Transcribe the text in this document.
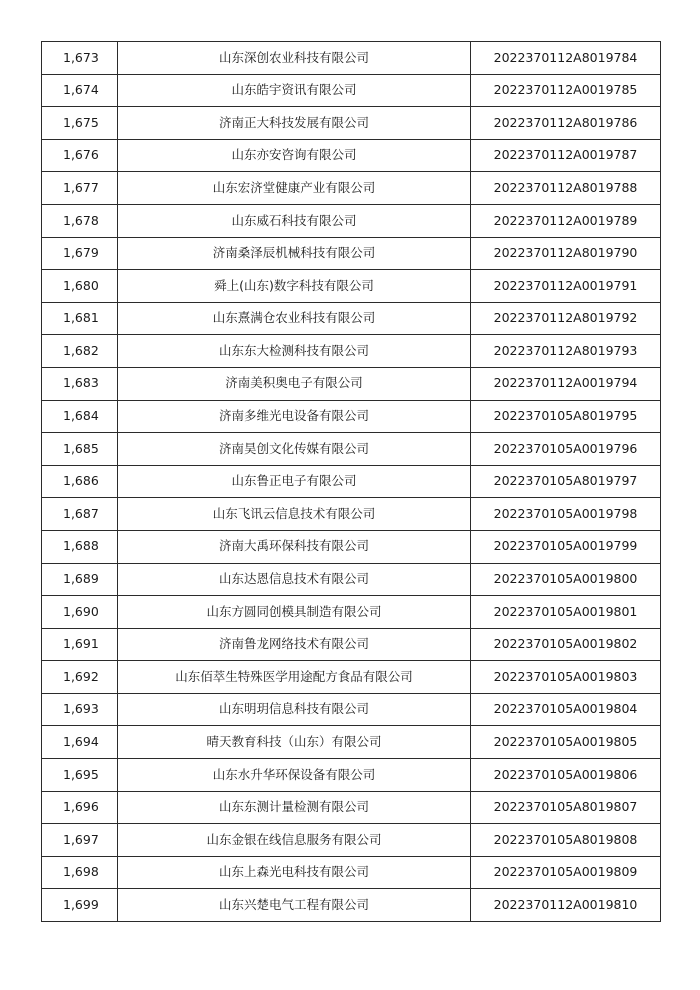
1,673	山东深创农业科技有限公司	2022370112A8019784
1,674	山东皓宇资讯有限公司	2022370112A0019785
1,675	济南正大科技发展有限公司	2022370112A8019786
1,676	山东亦安咨询有限公司	2022370112A0019787
1,677	山东宏济堂健康产业有限公司	2022370112A8019788
1,678	山东威石科技有限公司	2022370112A0019789
1,679	济南桑泽辰机械科技有限公司	2022370112A8019790
1,680	舜上(山东)数字科技有限公司	2022370112A0019791
1,681	山东熹满仓农业科技有限公司	2022370112A8019792
1,682	山东东大检测科技有限公司	2022370112A8019793
1,683	济南美积奥电子有限公司	2022370112A0019794
1,684	济南多维光电设备有限公司	2022370105A8019795
1,685	济南昊创文化传媒有限公司	2022370105A0019796
1,686	山东鲁正电子有限公司	2022370105A8019797
1,687	山东飞讯云信息技术有限公司	2022370105A0019798
1,688	济南大禹环保科技有限公司	2022370105A0019799
1,689	山东达恩信息技术有限公司	2022370105A0019800
1,690	山东方圆同创模具制造有限公司	2022370105A0019801
1,691	济南鲁龙网络技术有限公司	2022370105A0019802
1,692	山东佰萃生特殊医学用途配方食品有限公司	2022370105A0019803
1,693	山东明玥信息科技有限公司	2022370105A0019804
1,694	晴天教育科技（山东）有限公司	2022370105A0019805
1,695	山东水升华环保设备有限公司	2022370105A0019806
1,696	山东东测计量检测有限公司	2022370105A8019807
1,697	山东金银在线信息服务有限公司	2022370105A8019808
1,698	山东上森光电科技有限公司	2022370105A0019809
1,699	山东兴楚电气工程有限公司	2022370112A0019810
